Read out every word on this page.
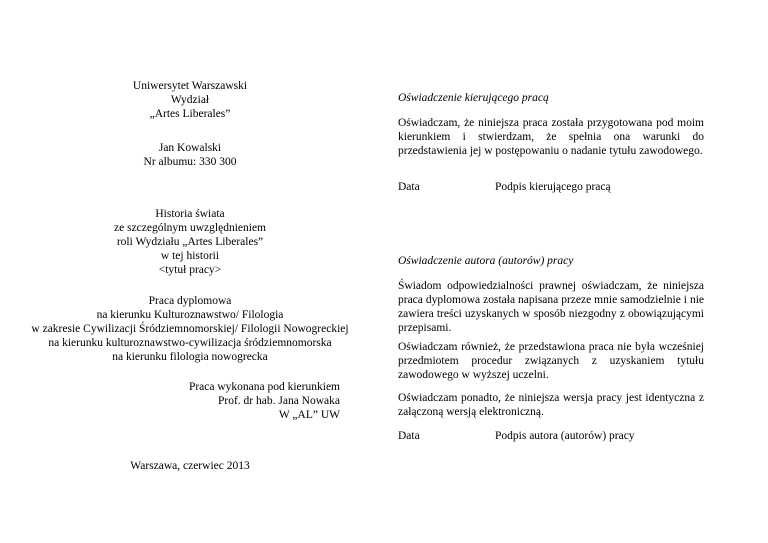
Uniwersytet Warszawski

Wydział

„Artes Liberales”

Jan Kowalski

Nr albumu: 330 300

Historia świata

ze szczególnym uwzględnieniem

roli Wydziału „Artes Liberales”

w tej historii

<tytuł pracy>

Praca dyplomowa

na kierunku Kulturoznawstwo/ Filologia

w zakresie Cywilizacji Śródziemnomorskiej/ Filologii Nowogreckiej

na kierunku kulturoznawstwo-cywilizacja śródziemnomorska

na kierunku filologia nowogrecka

Praca wykonana pod kierunkiem

Prof. dr hab. Jana Nowaka

W „AL” UW

Warszawa, czerwiec 2013

Oświadczenie kierującego pracą

Oświadczam, że niniejsza praca została przygotowana pod moim kierunkiem i stwierdzam, że spełnia ona warunki do przedstawienia jej w postępowaniu o nadanie tytułu zawodowego.

Data	Podpis kierującego pracą

Oświadczenie autora (autorów) pracy

Świadom odpowiedzialności prawnej oświadczam, że niniejsza praca dyplomowa została napisana przeze mnie samodzielnie i nie zawiera treści uzyskanych w sposób niezgodny z obowiązującymi przepisami.

Oświadczam również, że przedstawiona praca nie była wcześniej przedmiotem procedur związanych z uzyskaniem tytułu zawodowego w wyższej uczelni.

Oświadczam ponadto, że niniejsza wersja pracy jest identyczna z załączoną wersją elektroniczną.

Data	Podpis autora (autorów) pracy
